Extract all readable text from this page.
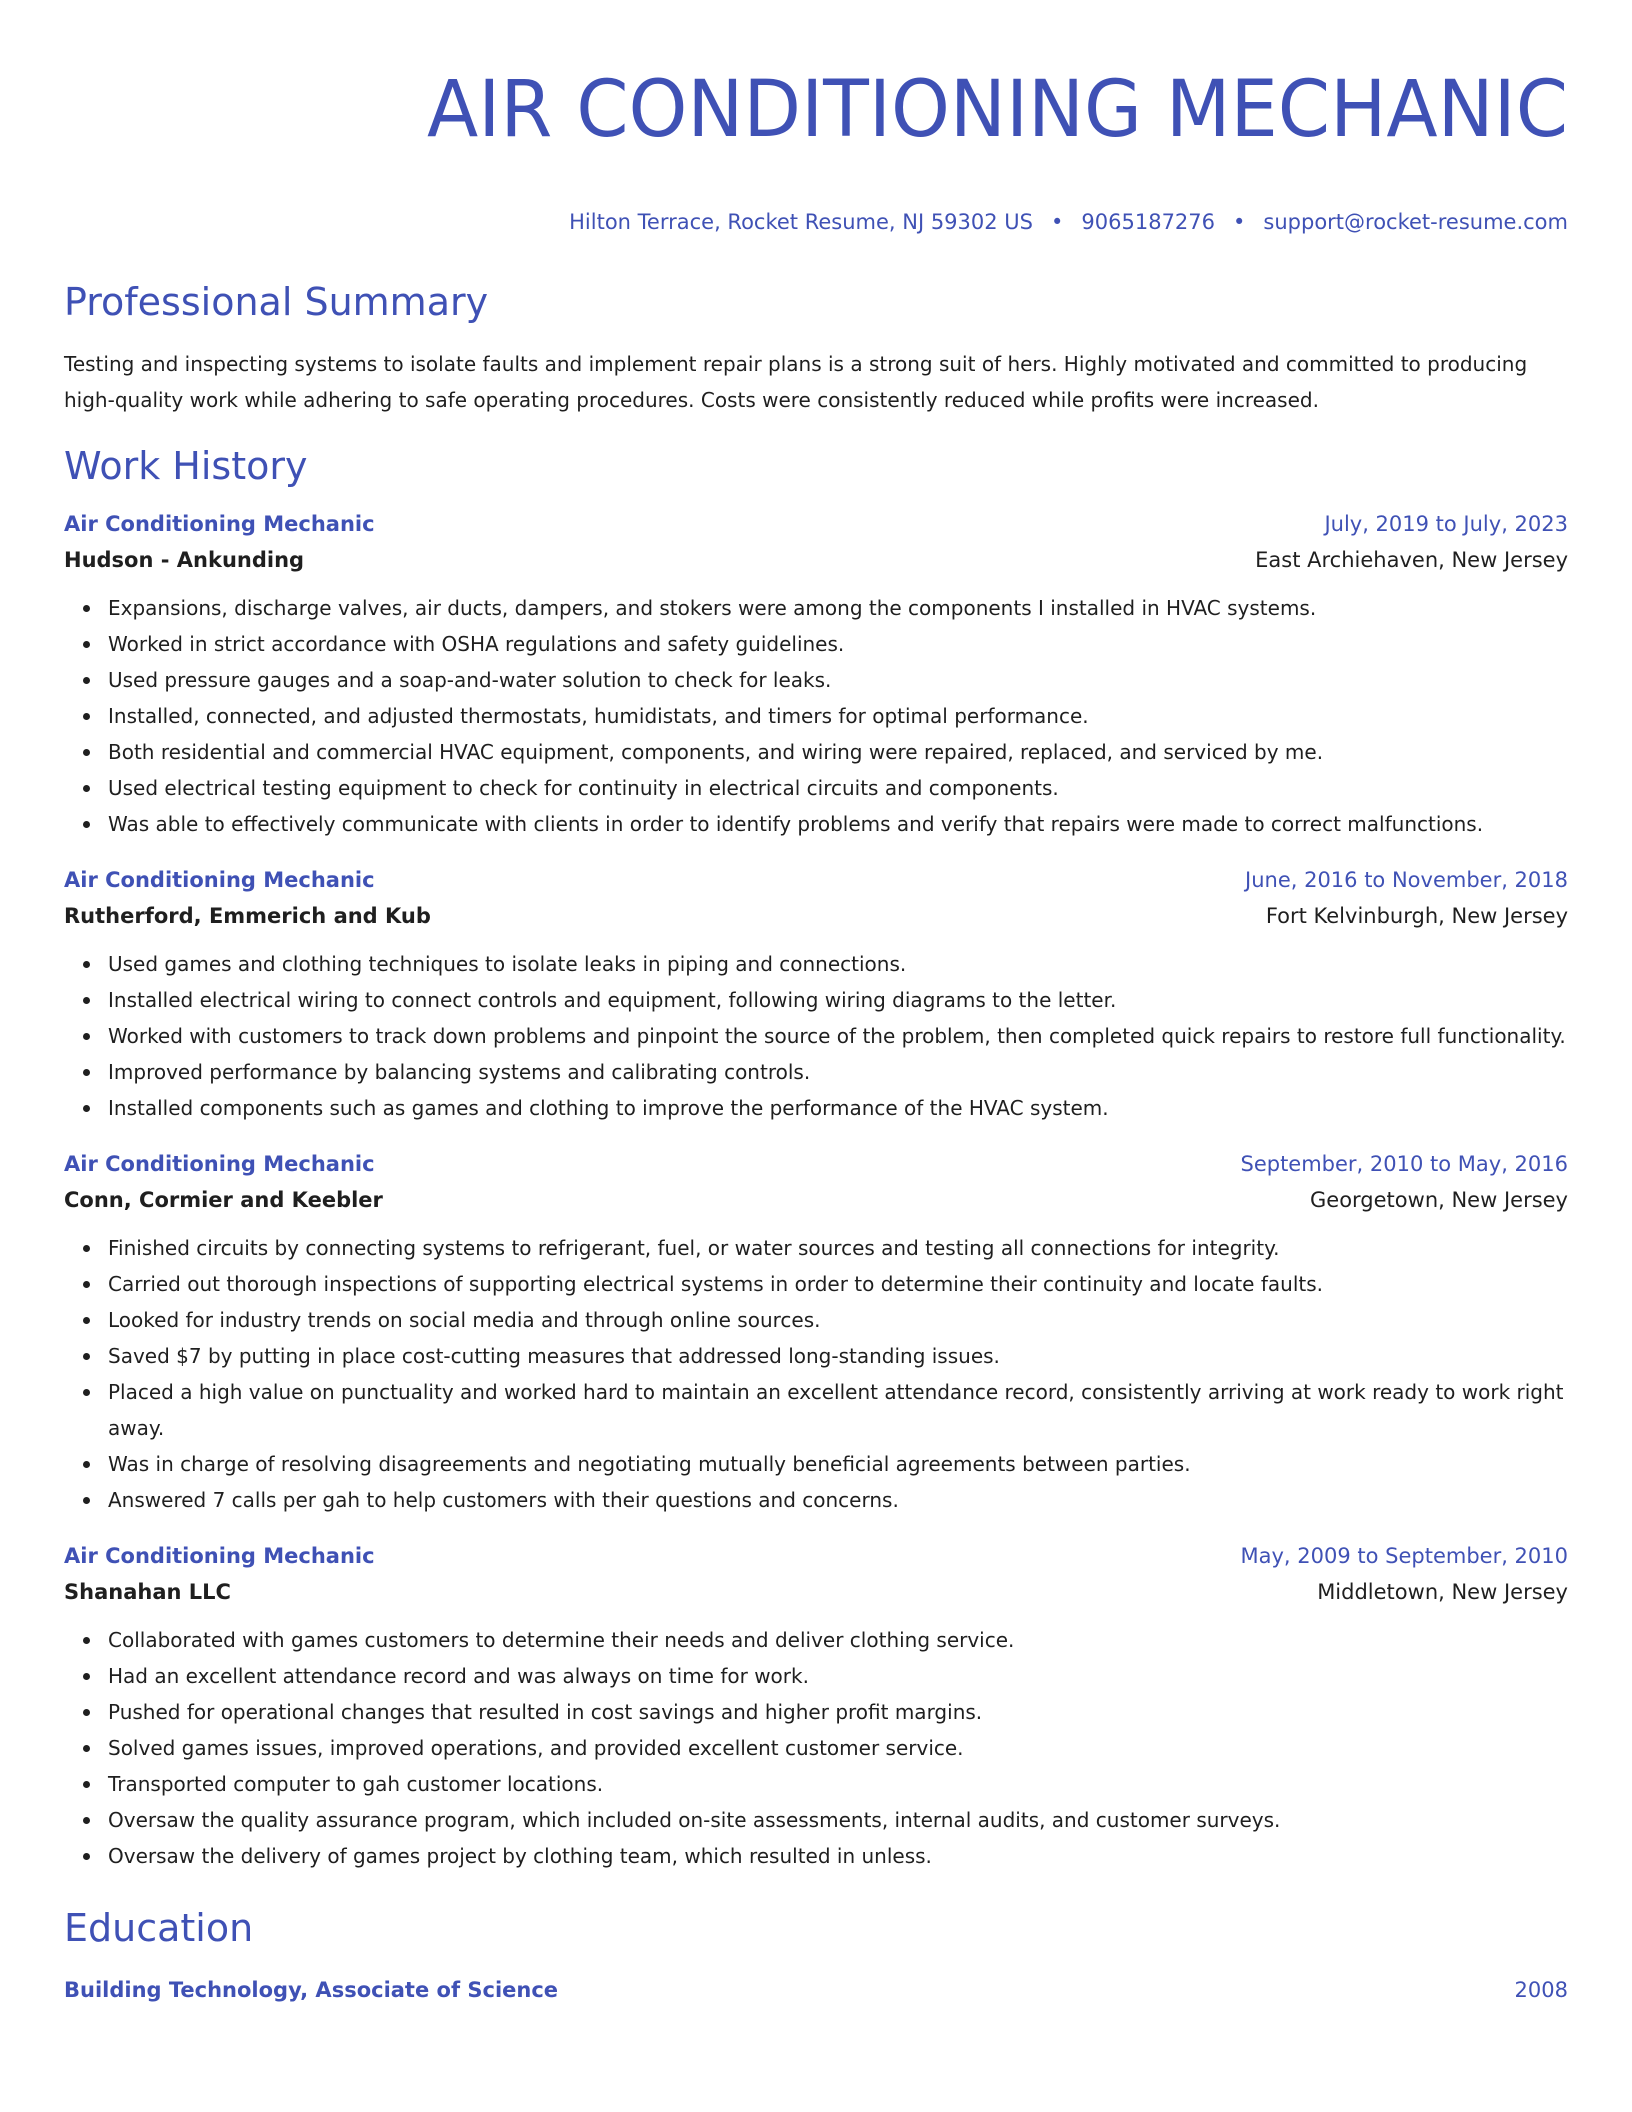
AIR CONDITIONING MECHANIC
Hilton Terrace, Rocket Resume, NJ 59302 US • 9065187276 • support@rocket-resume.com
Professional Summary
Testing and inspecting systems to isolate faults and implement repair plans is a strong suit of hers. Highly motivated and committed to producing high-quality work while adhering to safe operating procedures. Costs were consistently reduced while profits were increased.
Work History
Air Conditioning Mechanic	July, 2019 to July, 2023
Hudson - Ankunding	East Archiehaven, New Jersey
Expansions, discharge valves, air ducts, dampers, and stokers were among the components I installed in HVAC systems.
Worked in strict accordance with OSHA regulations and safety guidelines.
Used pressure gauges and a soap-and-water solution to check for leaks.
Installed, connected, and adjusted thermostats, humidistats, and timers for optimal performance.
Both residential and commercial HVAC equipment, components, and wiring were repaired, replaced, and serviced by me.
Used electrical testing equipment to check for continuity in electrical circuits and components.
Was able to effectively communicate with clients in order to identify problems and verify that repairs were made to correct malfunctions.
Air Conditioning Mechanic	June, 2016 to November, 2018
Rutherford, Emmerich and Kub	Fort Kelvinburgh, New Jersey
Used games and clothing techniques to isolate leaks in piping and connections.
Installed electrical wiring to connect controls and equipment, following wiring diagrams to the letter.
Worked with customers to track down problems and pinpoint the source of the problem, then completed quick repairs to restore full functionality.
Improved performance by balancing systems and calibrating controls.
Installed components such as games and clothing to improve the performance of the HVAC system.
Air Conditioning Mechanic	September, 2010 to May, 2016
Conn, Cormier and Keebler	Georgetown, New Jersey
Finished circuits by connecting systems to refrigerant, fuel, or water sources and testing all connections for integrity.
Carried out thorough inspections of supporting electrical systems in order to determine their continuity and locate faults.
Looked for industry trends on social media and through online sources.
Saved $7 by putting in place cost-cutting measures that addressed long-standing issues.
Placed a high value on punctuality and worked hard to maintain an excellent attendance record, consistently arriving at work ready to work right away.
Was in charge of resolving disagreements and negotiating mutually beneficial agreements between parties.
Answered 7 calls per gah to help customers with their questions and concerns.
Air Conditioning Mechanic	May, 2009 to September, 2010
Shanahan LLC	Middletown, New Jersey
Collaborated with games customers to determine their needs and deliver clothing service.
Had an excellent attendance record and was always on time for work.
Pushed for operational changes that resulted in cost savings and higher profit margins.
Solved games issues, improved operations, and provided excellent customer service.
Transported computer to gah customer locations.
Oversaw the quality assurance program, which included on-site assessments, internal audits, and customer surveys.
Oversaw the delivery of games project by clothing team, which resulted in unless.
Education
Building Technology, Associate of Science	2008
